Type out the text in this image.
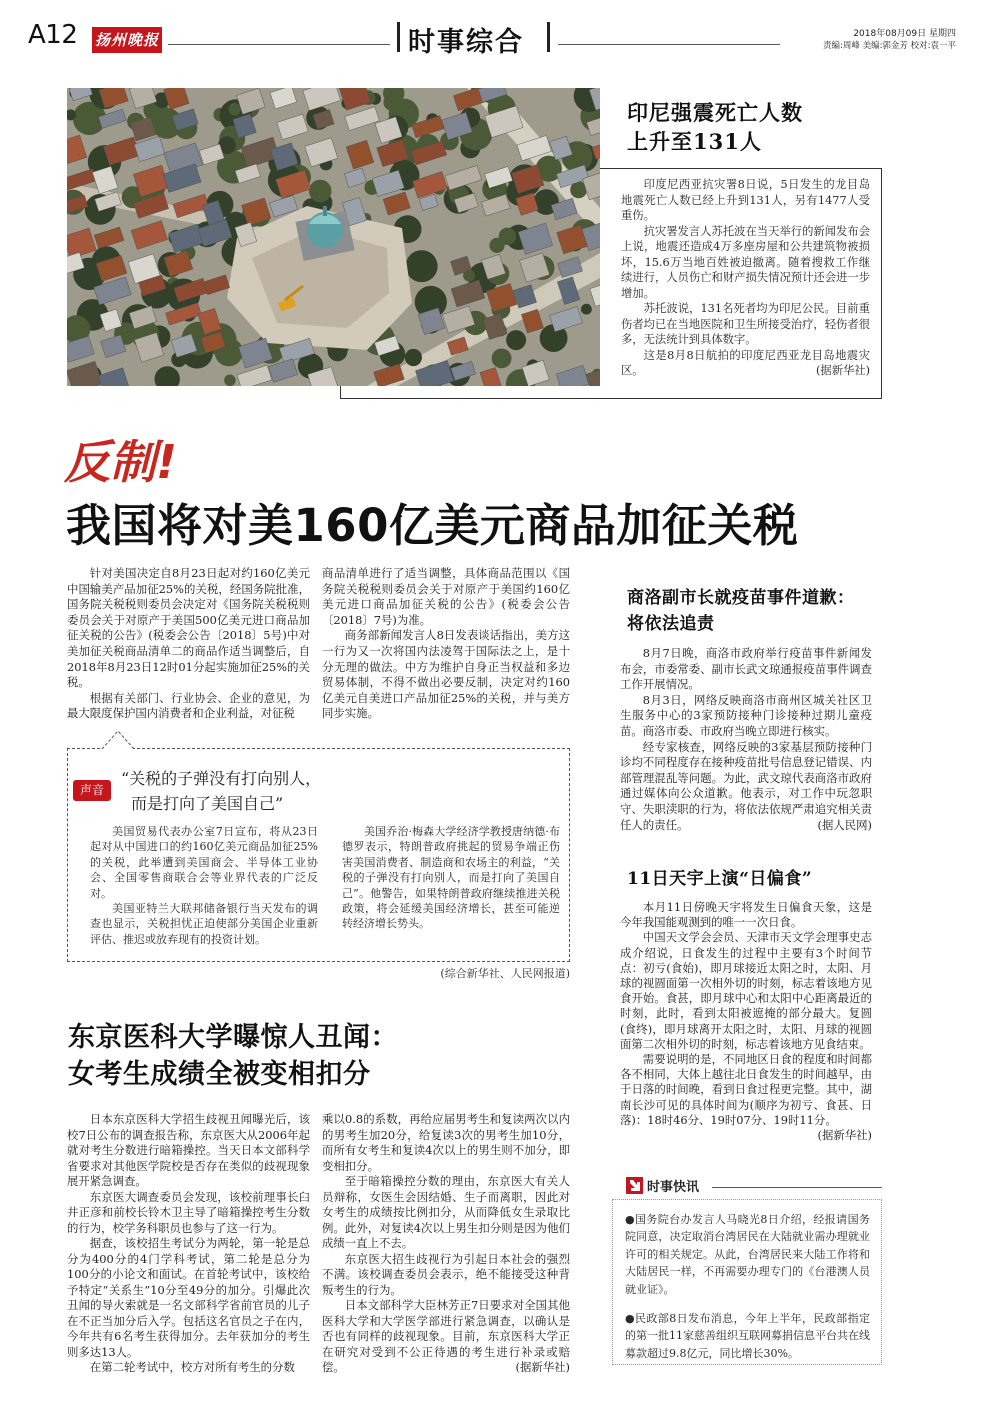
A12 扬州晚报	时事综合	2018年08月09日 星期四
责编:周峰 美编:郭金芳 校对:袁一平
印尼强震死亡人数
上升至131人

印度尼西亚抗灾署8日说，5日发生的龙目岛地震死亡人数已经上升到131人，另有1477人受重伤。

抗灾署发言人苏托波在当天举行的新闻发布会上说，地震还造成4万多座房屋和公共建筑物被损坏，15.6万当地百姓被迫撤离。随着搜救工作继续进行，人员伤亡和财产损失情况预计还会进一步增加。

苏托波说，131名死者均为印尼公民。目前重伤者均已在当地医院和卫生所接受治疗，轻伤者很多，无法统计到具体数字。

这是8月8日航拍的印度尼西亚龙目岛地震灾区。	(据新华社)

反制!
我国将对美160亿美元商品加征关税

针对美国决定自8月23日起对约160亿美元中国输美产品加征25%的关税，经国务院批准，国务院关税税则委员会决定对《国务院关税税则委员会关于对原产于美国500亿美元进口商品加征关税的公告》(税委会公告〔2018〕5号)中对美加征关税商品清单二的商品作适当调整后，自2018年8月23日12时01分起实施加征25%的关税。

根据有关部门、行业协会、企业的意见，为最大限度保护国内消费者和企业利益，对征税

商品清单进行了适当调整，具体商品范围以《国务院关税税则委员会关于对原产于美国约160亿美元进口商品加征关税的公告》(税委会公告〔2018〕7号)为准。

商务部新闻发言人8日发表谈话指出，美方这一行为又一次将国内法凌驾于国际法之上，是十分无理的做法。中方为维护自身正当权益和多边贸易体制，不得不做出必要反制，决定对约160亿美元自美进口产品加征25%的关税，并与美方同步实施。

声音
“关税的子弹没有打向别人，
而是打向了美国自己”

美国贸易代表办公室7日宣布，将从23日起对从中国进口的约160亿美元商品加征25%的关税，此举遭到美国商会、半导体工业协会、全国零售商联合会等业界代表的广泛反对。

美国亚特兰大联邦储备银行当天发布的调查也显示，关税担忧正迫使部分美国企业重新评估、推迟或放弃现有的投资计划。

美国乔治·梅森大学经济学教授唐纳德·布德罗表示，特朗普政府挑起的贸易争端正伤害美国消费者、制造商和农场主的利益，“关税的子弹没有打向别人，而是打向了美国自己”。他警告，如果特朗普政府继续推进关税政策，将会延缓美国经济增长，甚至可能逆转经济增长势头。

(综合新华社、人民网报道)
商洛副市长就疫苗事件道歉：
将依法追责

8月7日晚，商洛市政府举行疫苗事件新闻发布会，市委常委、副市长武文琼通报疫苗事件调查工作开展情况。

8月3日，网络反映商洛市商州区城关社区卫生服务中心的3家预防接种门诊接种过期儿童疫苗。商洛市委、市政府当晚立即进行核实。

经专家核查，网络反映的3家基层预防接种门诊均不同程度存在接种疫苗批号信息登记错误、内部管理混乱等问题。为此，武文琼代表商洛市政府通过媒体向公众道歉。他表示，对工作中玩忽职守、失职渎职的行为，将依法依规严肃追究相关责任人的责任。	(据人民网)

11日天宇上演“日偏食”

本月11日傍晚天宇将发生日偏食天象，这是今年我国能观测到的唯一一次日食。

中国天文学会会员、天津市天文学会理事史志成介绍说，日食发生的过程中主要有3个时间节点：初亏(食始)，即月球接近太阳之时，太阳、月球的视圆面第一次相外切的时刻，标志着该地方见食开始。食甚，即月球中心和太阳中心距离最近的时刻，此时，看到太阳被遮掩的部分最大。复圆(食终)，即月球离开太阳之时，太阳、月球的视圆面第二次相外切的时刻，标志着该地方见食结束。

需要说明的是，不同地区日食的程度和时间都各不相同，大体上越往北日食发生的时间越早，由于日落的时间晚，看到日食过程更完整。其中，湖南长沙可见的具体时间为(顺序为初亏、食甚、日落)：18时46分、19时07分、19时11分。
(据新华社)

时事快讯

●国务院台办发言人马晓光8日介绍，经报请国务院同意，决定取消台湾居民在大陆就业需办理就业许可的相关规定。从此，台湾居民来大陆工作将和大陆居民一样，不再需要办理专门的《台港澳人员就业证》。

●民政部8日发布消息，今年上半年，民政部指定的第一批11家慈善组织互联网募捐信息平台共在线募款超过9.8亿元，同比增长30%。

东京医科大学曝惊人丑闻：
女考生成绩全被变相扣分

日本东京医科大学招生歧视丑闻曝光后，该校7日公布的调查报告称，东京医大从2006年起就对考生分数进行暗箱操控。当天日本文部科学省要求对其他医学院校是否存在类似的歧视现象展开紧急调查。

东京医大调查委员会发现，该校前理事长臼井正彦和前校长铃木卫主导了暗箱操控考生分数的行为，校学务科职员也参与了这一行为。

据查，该校招生考试分为两轮，第一轮是总分为400分的4门学科考试，第二轮是总分为100分的小论文和面试。在首轮考试中，该校给予特定“关系生”10分至49分的加分。引爆此次丑闻的导火索就是一名文部科学省前官员的儿子在不正当加分后入学。包括这名官员之子在内，今年共有6名考生获得加分。去年获加分的考生则多达13人。

在第二轮考试中，校方对所有考生的分数

乘以0.8的系数，再给应届男考生和复读两次以内的男考生加20分，给复读3次的男考生加10分，而所有女考生和复读4次以上的男生则不加分，即变相扣分。

至于暗箱操控分数的理由，东京医大有关人员辩称，女医生会因结婚、生子而离职，因此对女考生的成绩按比例扣分，从而降低女生录取比例。此外，对复读4次以上男生扣分则是因为他们成绩一直上不去。

东京医大招生歧视行为引起日本社会的强烈不满。该校调查委员会表示，绝不能接受这种背叛考生的行为。

日本文部科学大臣林芳正7日要求对全国其他医科大学和大学医学部进行紧急调查，以确认是否也有同样的歧视现象。目前，东京医科大学正在研究对受到不公正待遇的考生进行补录或赔偿。	(据新华社)
